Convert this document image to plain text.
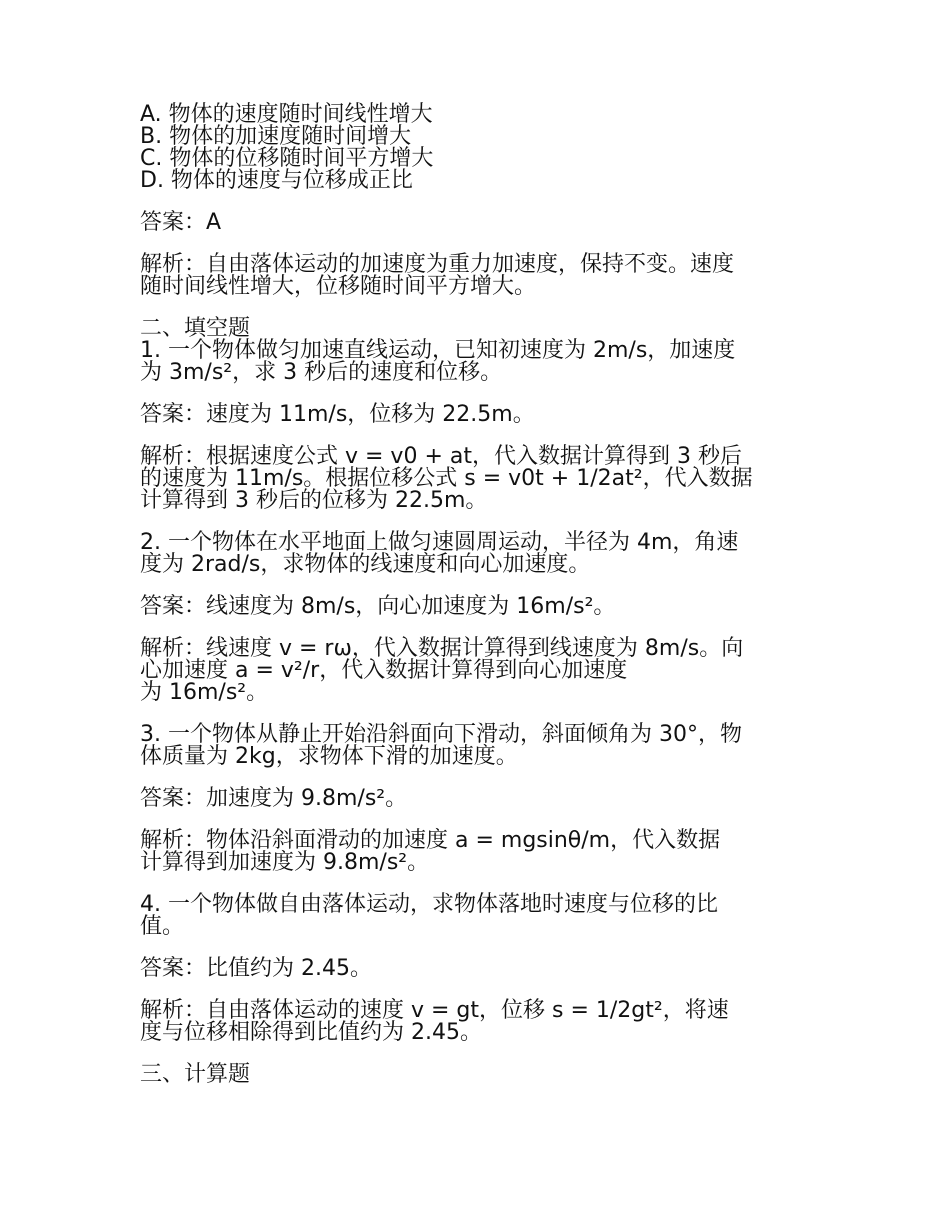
A. 物体的速度随时间线性增大
B. 物体的加速度随时间增大
C. 物体的位移随时间平方增大
D. 物体的速度与位移成正比
答案：A
解析：自由落体运动的加速度为重力加速度，保持不变。速度
随时间线性增大，位移随时间平方增大。
二、填空题
1. 一个物体做匀加速直线运动，已知初速度为 2m/s，加速度
为 3m/s²，求 3 秒后的速度和位移。
答案：速度为 11m/s，位移为 22.5m。
解析：根据速度公式 v = v0 + at，代入数据计算得到 3 秒后
的速度为 11m/s。根据位移公式 s = v0t + 1/2at²，代入数据
计算得到 3 秒后的位移为 22.5m。
2. 一个物体在水平地面上做匀速圆周运动，半径为 4m，角速
度为 2rad/s，求物体的线速度和向心加速度。
答案：线速度为 8m/s，向心加速度为 16m/s²。
解析：线速度 v = rω，代入数据计算得到线速度为 8m/s。向
心加速度 a = v²/r，代入数据计算得到向心加速度
为 16m/s²。
3. 一个物体从静止开始沿斜面向下滑动，斜面倾角为 30°，物
体质量为 2kg，求物体下滑的加速度。
答案：加速度为 9.8m/s²。
解析：物体沿斜面滑动的加速度 a = mgsinθ/m，代入数据
计算得到加速度为 9.8m/s²。
4. 一个物体做自由落体运动，求物体落地时速度与位移的比
值。
答案：比值约为 2.45。
解析：自由落体运动的速度 v = gt，位移 s = 1/2gt²，将速
度与位移相除得到比值约为 2.45。
三、计算题
